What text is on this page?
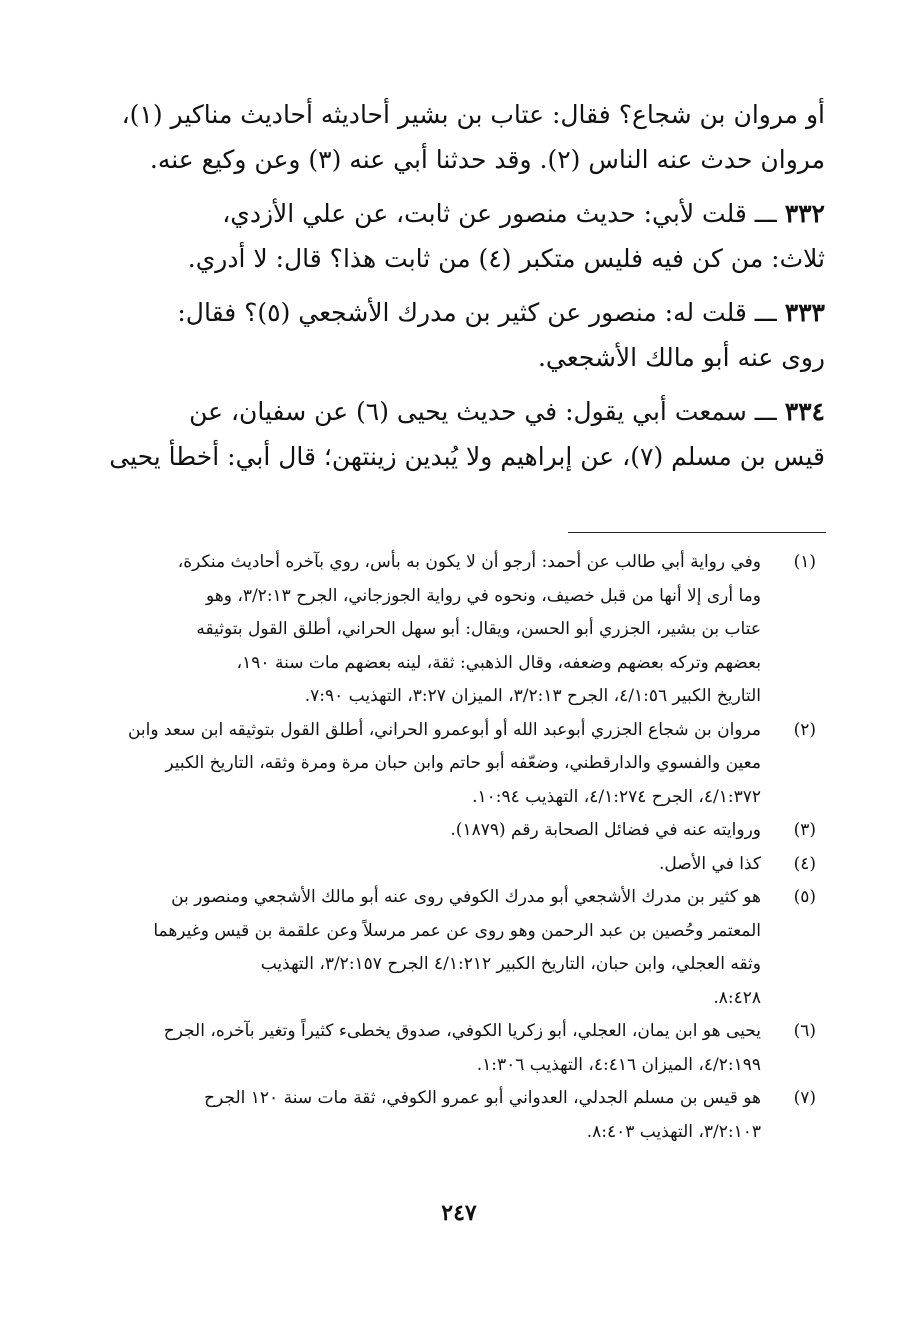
أو مروان بن شجاع؟ فقال: عتاب بن بشير أحاديثه أحاديث مناكير (١)،
مروان حدث عنه الناس (٢). وقد حدثنا أبي عنه (٣) وعن وكيع عنه.

٣٣٢ ـــ قلت لأبي: حديث منصور عن ثابت، عن علي الأزدي،
ثلاث: من كن فيه فليس متكبر (٤) من ثابت هذا؟ قال: لا أدري.

٣٣٣ ـــ قلت له: منصور عن كثير بن مدرك الأشجعي (٥)؟ فقال:
روى عنه أبو مالك الأشجعي.

٣٣٤ ـــ سمعت أبي يقول: في حديث يحيى (٦) عن سفيان، عن
قيس بن مسلم (٧)، عن إبراهيم ولا يُبدين زينتهن؛ قال أبي: أخطأ يحيى

(١)
وفي رواية أبي طالب عن أحمد: أرجو أن لا يكون به بأس، روي بآخره أحاديث منكرة،
وما أرى إلا أنها من قبل خصيف، ونحوه في رواية الجوزجاني، الجرح ٣/٢:١٣، وهو
عتاب بن بشير، الجزري أبو الحسن، ويقال: أبو سهل الحراني، أطلق القول بتوثيقه
بعضهم وتركه بعضهم وضعفه، وقال الذهبي: ثقة، لينه بعضهم مات سنة ١٩٠،
التاريخ الكبير ٤/١:٥٦، الجرح ٣/٢:١٣، الميزان ٣:٢٧، التهذيب ٧:٩٠.
(٢)
مروان بن شجاع الجزري أبوعبد الله أو أبوعمرو الحراني، أطلق القول بتوثيقه ابن سعد وابن
معين والفسوي والدارقطني، وضعّفه أبو حاتم وابن حبان مرة ومرة وثقه، التاريخ الكبير
٤/١:٣٧٢، الجرح ٤/١:٢٧٤، التهذيب ١٠:٩٤.
(٣)
وروايته عنه في فضائل الصحابة رقم (١٨٧٩).
(٤)
كذا في الأصل.
(٥)
هو كثير بن مدرك الأشجعي أبو مدرك الكوفي روى عنه أبو مالك الأشجعي ومنصور بن
المعتمر وحُصين بن عبد الرحمن وهو روى عن عمر مرسلاً وعن علقمة بن قيس وغيرهما
وثقه العجلي، وابن حبان، التاريخ الكبير ٤/١:٢١٢ الجرح ٣/٢:١٥٧، التهذيب
٨:٤٢٨.
(٦)
يحيى هو ابن يمان، العجلي، أبو زكريا الكوفي، صدوق يخطىء كثيراً وتغير بآخره، الجرح
٤/٢:١٩٩، الميزان ٤:٤١٦، التهذيب ١:٣٠٦.
(٧)
هو قيس بن مسلم الجدلي، العدواني أبو عمرو الكوفي، ثقة مات سنة ١٢٠ الجرح
٣/٢:١٠٣، التهذيب ٨:٤٠٣.
٢٤٧
